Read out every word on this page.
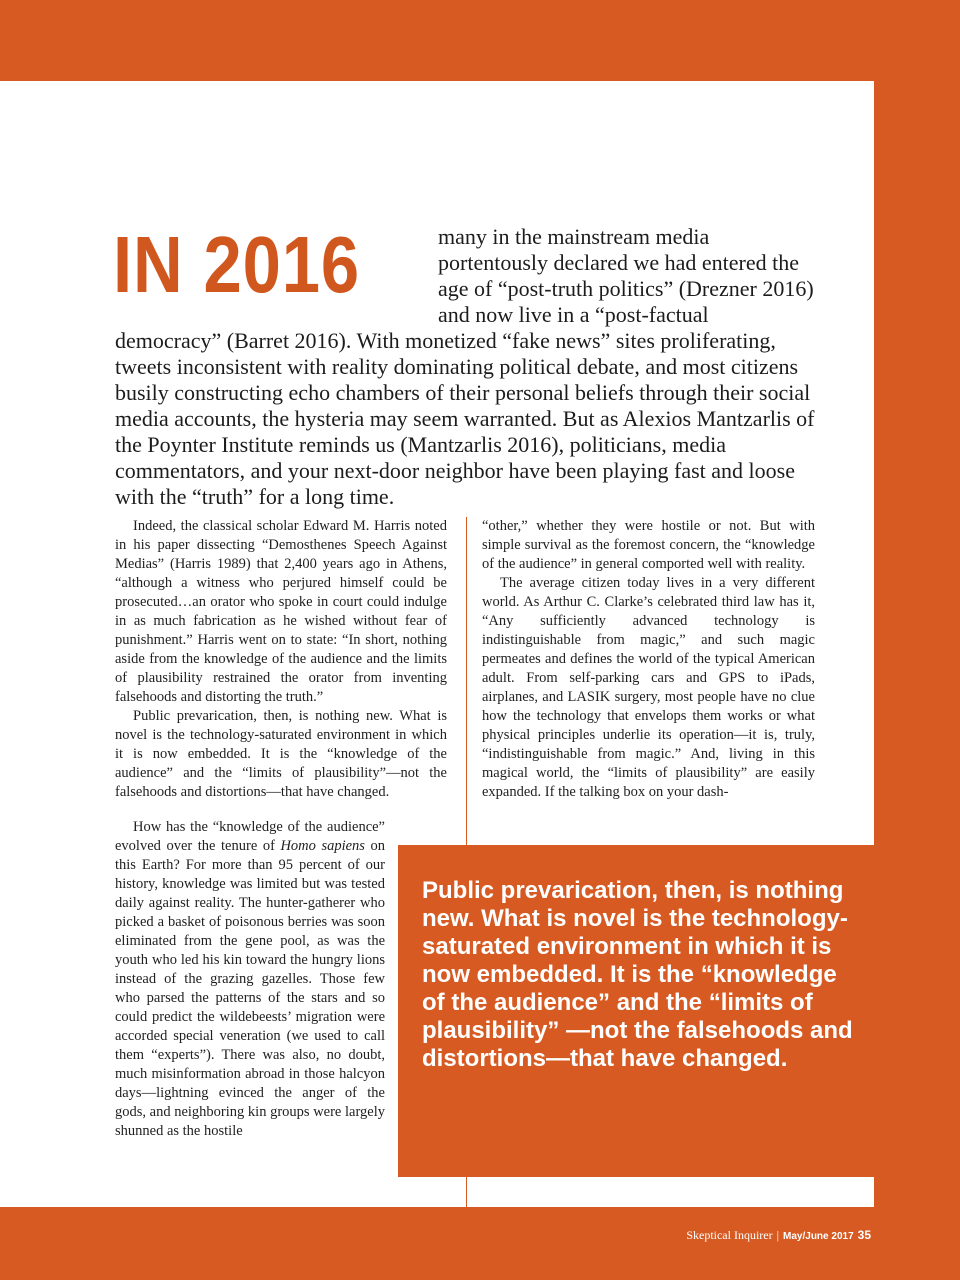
IN 2016	many in the mainstream media portentously declared we had entered the age of “post-truth politics” (Drezner 2016) and now live in a “post-factual democracy” (Barret 2016). With monetized “fake news” sites proliferating, tweets inconsistent with reality dominating political debate, and most citizens busily constructing echo chambers of their personal beliefs through their social media accounts, the hysteria may seem warranted. But as Alexios Mantzarlis of the Poynter Institute reminds us (Mantzarlis 2016), politicians, media commentators, and your next-door neighbor have been playing fast and loose with the “truth” for a long time.

Indeed, the classical scholar Edward M. Harris noted in his paper dissecting “Demosthenes Speech Against Medias” (Harris 1989) that 2,400 years ago in Athens, “although a witness who perjured himself could be prosecuted…an orator who spoke in court could indulge in as much fabrication as he wished without fear of punishment.” Harris went on to state: “In short, nothing aside from the knowledge of the audience and the limits of plausibility restrained the orator from inventing falsehoods and distorting the truth.”

Public prevarication, then, is nothing new. What is novel is the technology-saturated environment in which it is now embedded. It is the “knowledge of the audience” and the “limits of plausibility”—not the falsehoods and distortions—that have changed.

How has the “knowledge of the audience” evolved over the tenure of Homo sapiens on this Earth? For more than 95 percent of our history, knowledge was limited but was tested daily against reality. The hunter-gatherer who picked a basket of poisonous berries was soon eliminated from the gene pool, as was the youth who led his kin toward the hungry lions instead of the grazing gazelles. Those few who parsed the patterns of the stars and so could predict the wildebeests’ migration were accorded special veneration (we used to call them “experts”). There was also, no doubt, much misinformation abroad in those halcyon days—lightning evinced the anger of the gods, and neighboring kin groups were largely shunned as the hostile

“other,” whether they were hostile or not. But with simple survival as the foremost concern, the “knowledge of the audience” in general comported well with reality.

The average citizen today lives in a very different world. As Arthur C. Clarke’s celebrated third law has it, “Any sufficiently advanced technology is indistinguishable from magic,” and such magic permeates and defines the world of the typical American adult. From self-parking cars and GPS to iPads, airplanes, and LASIK surgery, most people have no clue how the technology that envelops them works or what physical principles underlie its operation—it is, truly, “indistinguishable from magic.” And, living in this magical world, the “limits of plausibility” are easily expanded. If the talking box on your dash-

Public prevarication, then, is nothing new. What is novel is the technology-saturated environment in which it is now embedded. It is the “knowledge of the audience” and the “limits of plausibility” —not the falsehoods and distortions—that have changed.
Skeptical Inquirer | May/June 2017 35
